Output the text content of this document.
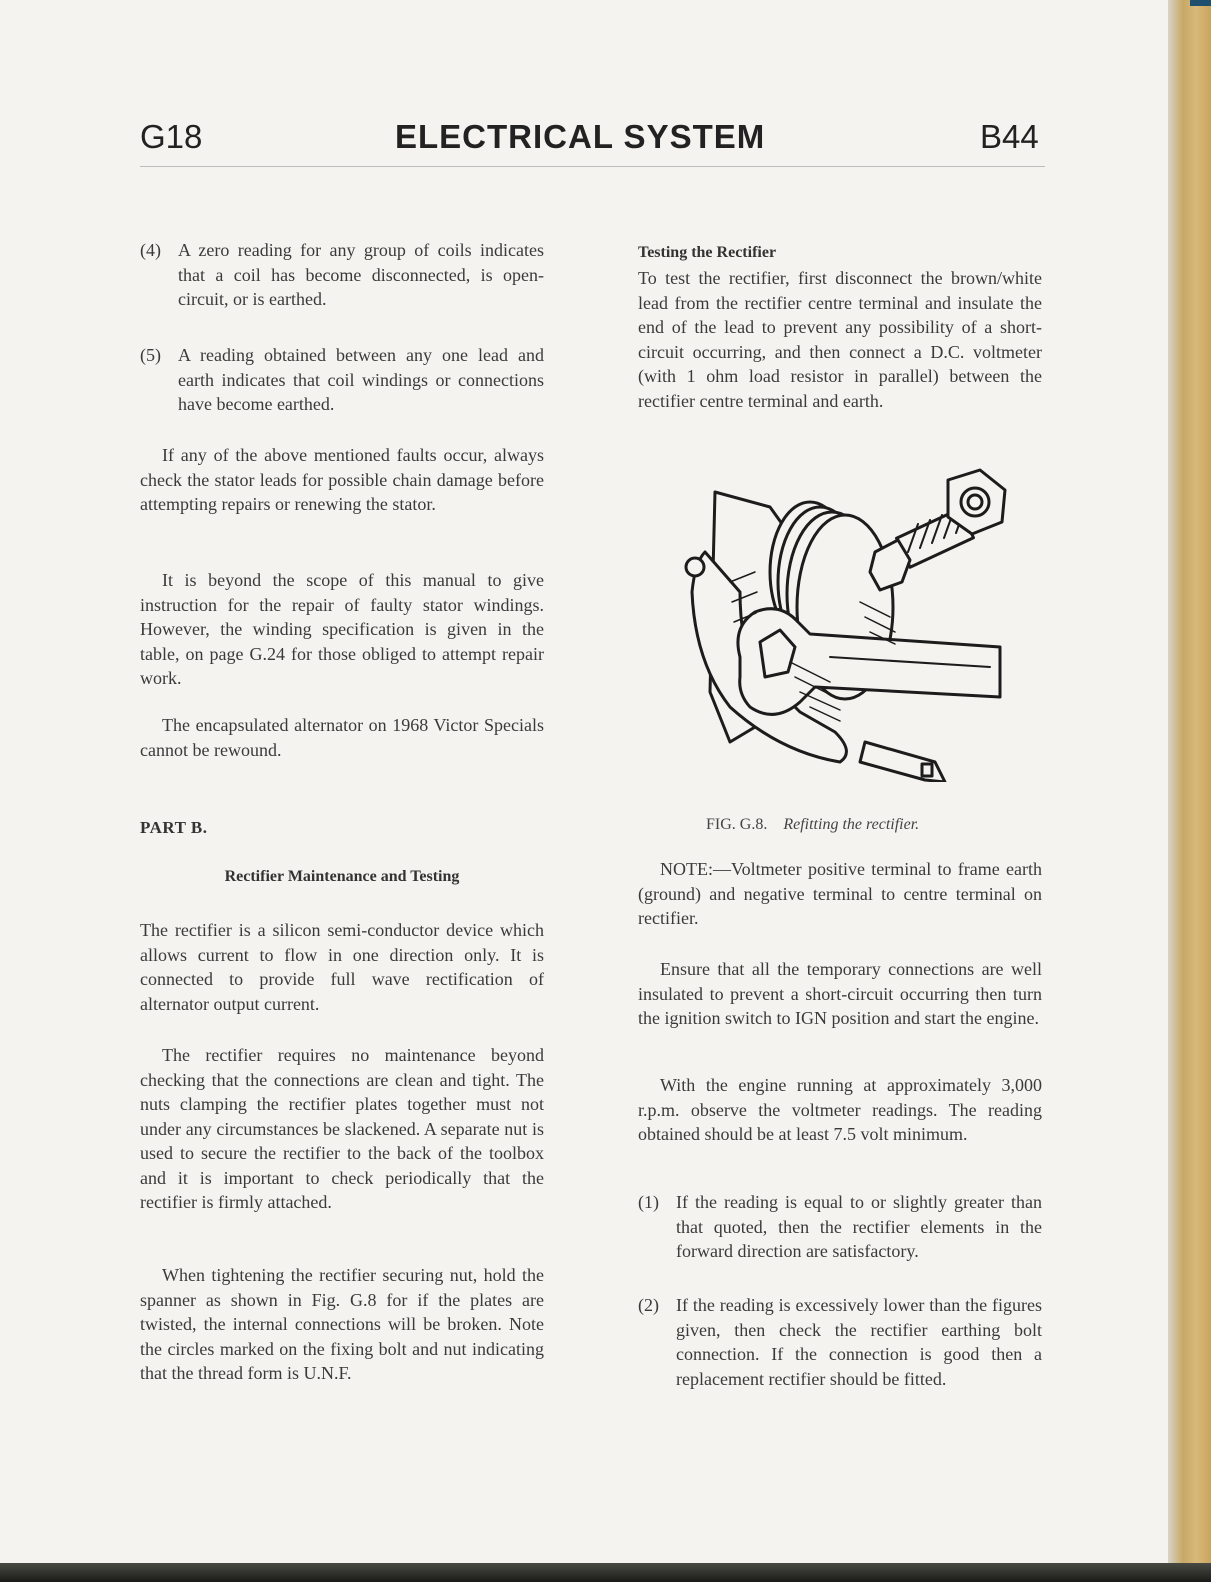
G18	ELECTRICAL SYSTEM	B44
(4) A zero reading for any group of coils indicates that a coil has become disconnected, is open-circuit, or is earthed.
(5) A reading obtained between any one lead and earth indicates that coil windings or connections have become earthed.
If any of the above mentioned faults occur, always check the stator leads for possible chain damage before attempting repairs or renewing the stator.
It is beyond the scope of this manual to give instruction for the repair of faulty stator windings. However, the winding specification is given in the table, on page G.24 for those obliged to attempt repair work.
The encapsulated alternator on 1968 Victor Specials cannot be rewound.
PART B.
Rectifier Maintenance and Testing
The rectifier is a silicon semi-conductor device which allows current to flow in one direction only. It is connected to provide full wave rectification of alternator output current.
The rectifier requires no maintenance beyond checking that the connections are clean and tight. The nuts clamping the rectifier plates together must not under any circumstances be slackened. A separate nut is used to secure the rectifier to the back of the toolbox and it is important to check periodically that the rectifier is firmly attached.
When tightening the rectifier securing nut, hold the spanner as shown in Fig. G.8 for if the plates are twisted, the internal connections will be broken. Note the circles marked on the fixing bolt and nut indicating that the thread form is U.N.F.
Testing the Rectifier
To test the rectifier, first disconnect the brown/white lead from the rectifier centre terminal and insulate the end of the lead to prevent any possibility of a short-circuit occurring, and then connect a D.C. voltmeter (with 1 ohm load resistor in parallel) between the rectifier centre terminal and earth.
FIG. G.8. Refitting the rectifier.
NOTE:—Voltmeter positive terminal to frame earth (ground) and negative terminal to centre terminal on rectifier.
Ensure that all the temporary connections are well insulated to prevent a short-circuit occurring then turn the ignition switch to IGN position and start the engine.
With the engine running at approximately 3,000 r.p.m. observe the voltmeter readings. The reading obtained should be at least 7.5 volt minimum.
(1) If the reading is equal to or slightly greater than that quoted, then the rectifier elements in the forward direction are satisfactory.
(2) If the reading is excessively lower than the figures given, then check the rectifier earthing bolt connection. If the connection is good then a replacement rectifier should be fitted.
